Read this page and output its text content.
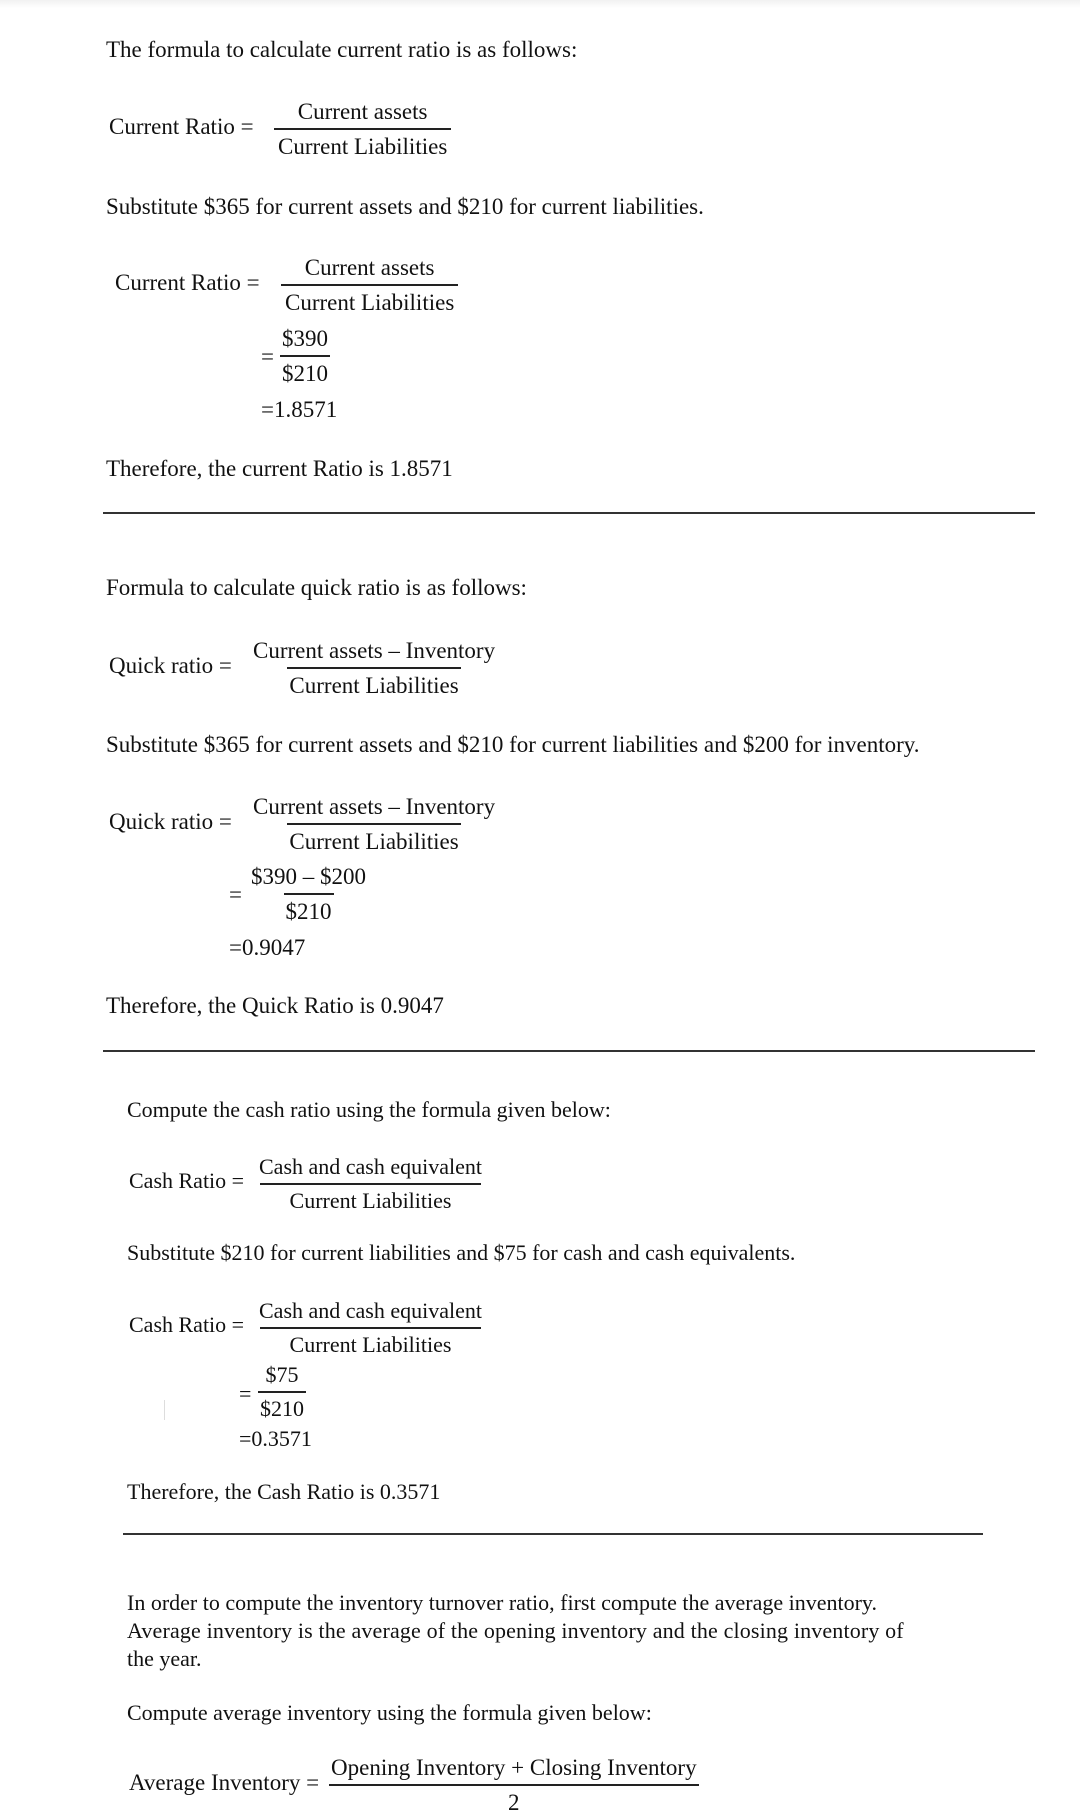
The formula to calculate current ratio is as follows:
Current Ratio =
Current assets
Current Liabilities
Substitute $365 for current assets and $210 for current liabilities.
Current Ratio =
Current assets
Current Liabilities
= $\frac{\$390}{\$210}$
=1.8571
Therefore, the current Ratio is 1.8571
Formula to calculate quick ratio is as follows:
Quick ratio =
Current assets – Inventory
Current Liabilities
Substitute $365 for current assets and $210 for current liabilities and $200 for inventory.
Quick ratio =
Current assets – Inventory
Current Liabilities
= $\frac{\$390 - \$200}{\$210}$
=0.9047
Therefore, the Quick Ratio is 0.9047
Compute the cash ratio using the formula given below:
Cash Ratio =
Cash and cash equivalent
Current Liabilities
Substitute $210 for current liabilities and $75 for cash and cash equivalents.
Cash Ratio =
Cash and cash equivalent
Current Liabilities
= $\frac{\$75}{\$210}$
=0.3571
Therefore, the Cash Ratio is 0.3571
In order to compute the inventory turnover ratio, first compute the average inventory.
Average inventory is the average of the opening inventory and the closing inventory of
the year.
Compute average inventory using the formula given below:
Average Inventory =
Opening Inventory + Closing Inventory
2
